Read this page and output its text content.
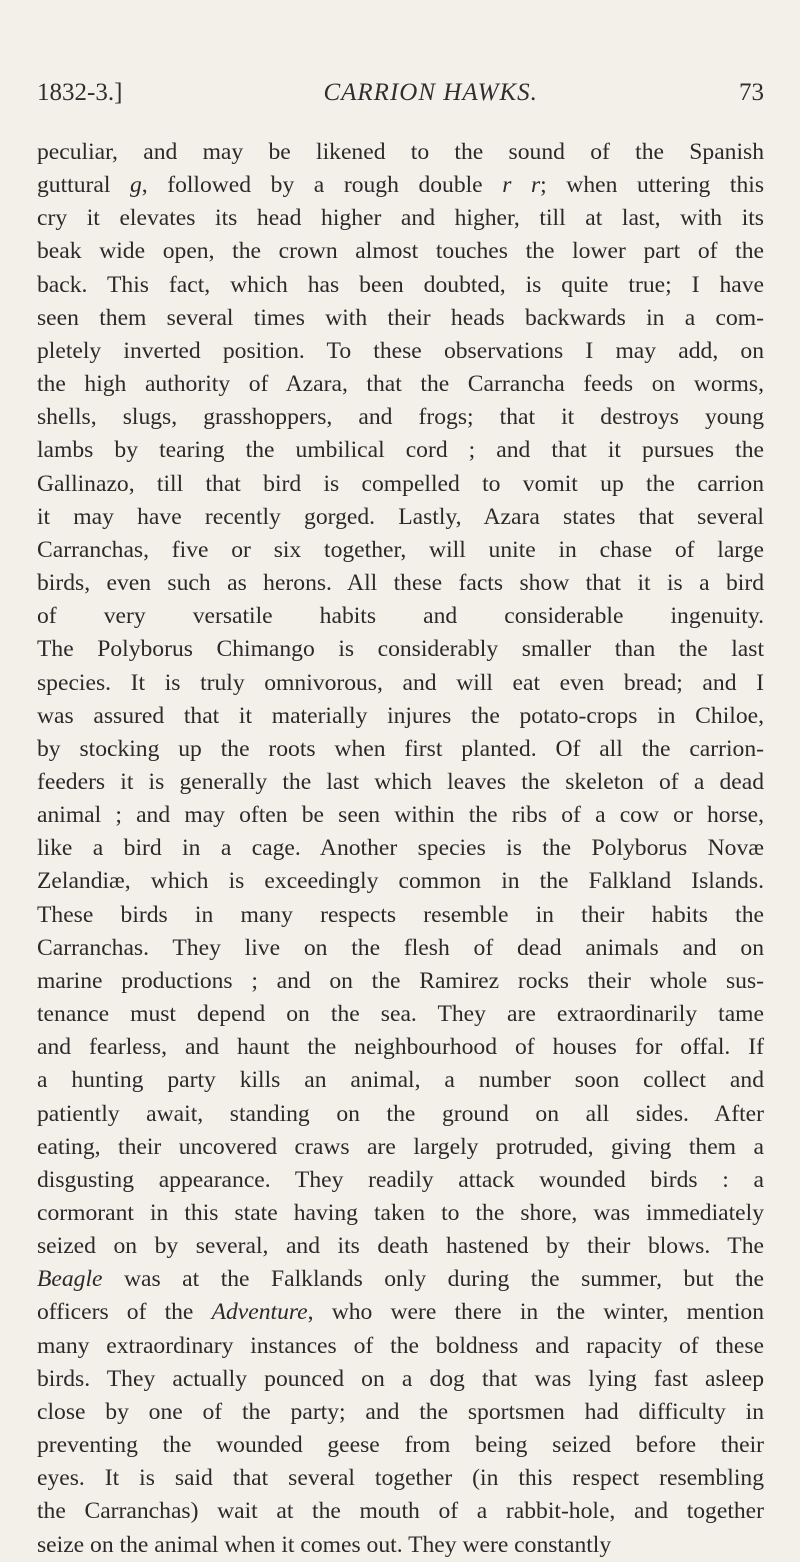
1832-3.]	CARRION HAWKS.	73
peculiar, and may be likened to the sound of the Spanish
guttural g, followed by a rough double r r; when uttering this
cry it elevates its head higher and higher, till at last, with its
beak wide open, the crown almost touches the lower part of the
back. This fact, which has been doubted, is quite true; I have
seen them several times with their heads backwards in a com-
pletely inverted position. To these observations I may add, on
the high authority of Azara, that the Carrancha feeds on worms,
shells, slugs, grasshoppers, and frogs; that it destroys young
lambs by tearing the umbilical cord ; and that it pursues the
Gallinazo, till that bird is compelled to vomit up the carrion
it may have recently gorged. Lastly, Azara states that several
Carranchas, five or six together, will unite in chase of large
birds, even such as herons. All these facts show that it is a bird
of very versatile habits and considerable ingenuity.
The Polyborus Chimango is considerably smaller than the last
species. It is truly omnivorous, and will eat even bread; and I
was assured that it materially injures the potato-crops in Chiloe,
by stocking up the roots when first planted. Of all the carrion-
feeders it is generally the last which leaves the skeleton of a dead
animal ; and may often be seen within the ribs of a cow or horse,
like a bird in a cage. Another species is the Polyborus Novæ
Zelandiæ, which is exceedingly common in the Falkland Islands.
These birds in many respects resemble in their habits the
Carranchas. They live on the flesh of dead animals and on
marine productions ; and on the Ramirez rocks their whole sus-
tenance must depend on the sea. They are extraordinarily tame
and fearless, and haunt the neighbourhood of houses for offal. If
a hunting party kills an animal, a number soon collect and
patiently await, standing on the ground on all sides. After
eating, their uncovered craws are largely protruded, giving them a
disgusting appearance. They readily attack wounded birds : a
cormorant in this state having taken to the shore, was immediately
seized on by several, and its death hastened by their blows. The
Beagle was at the Falklands only during the summer, but the
officers of the Adventure, who were there in the winter, mention
many extraordinary instances of the boldness and rapacity of these
birds. They actually pounced on a dog that was lying fast asleep
close by one of the party; and the sportsmen had difficulty in
preventing the wounded geese from being seized before their
eyes. It is said that several together (in this respect resembling
the Carranchas) wait at the mouth of a rabbit-hole, and together
seize on the animal when it comes out. They were constantly
